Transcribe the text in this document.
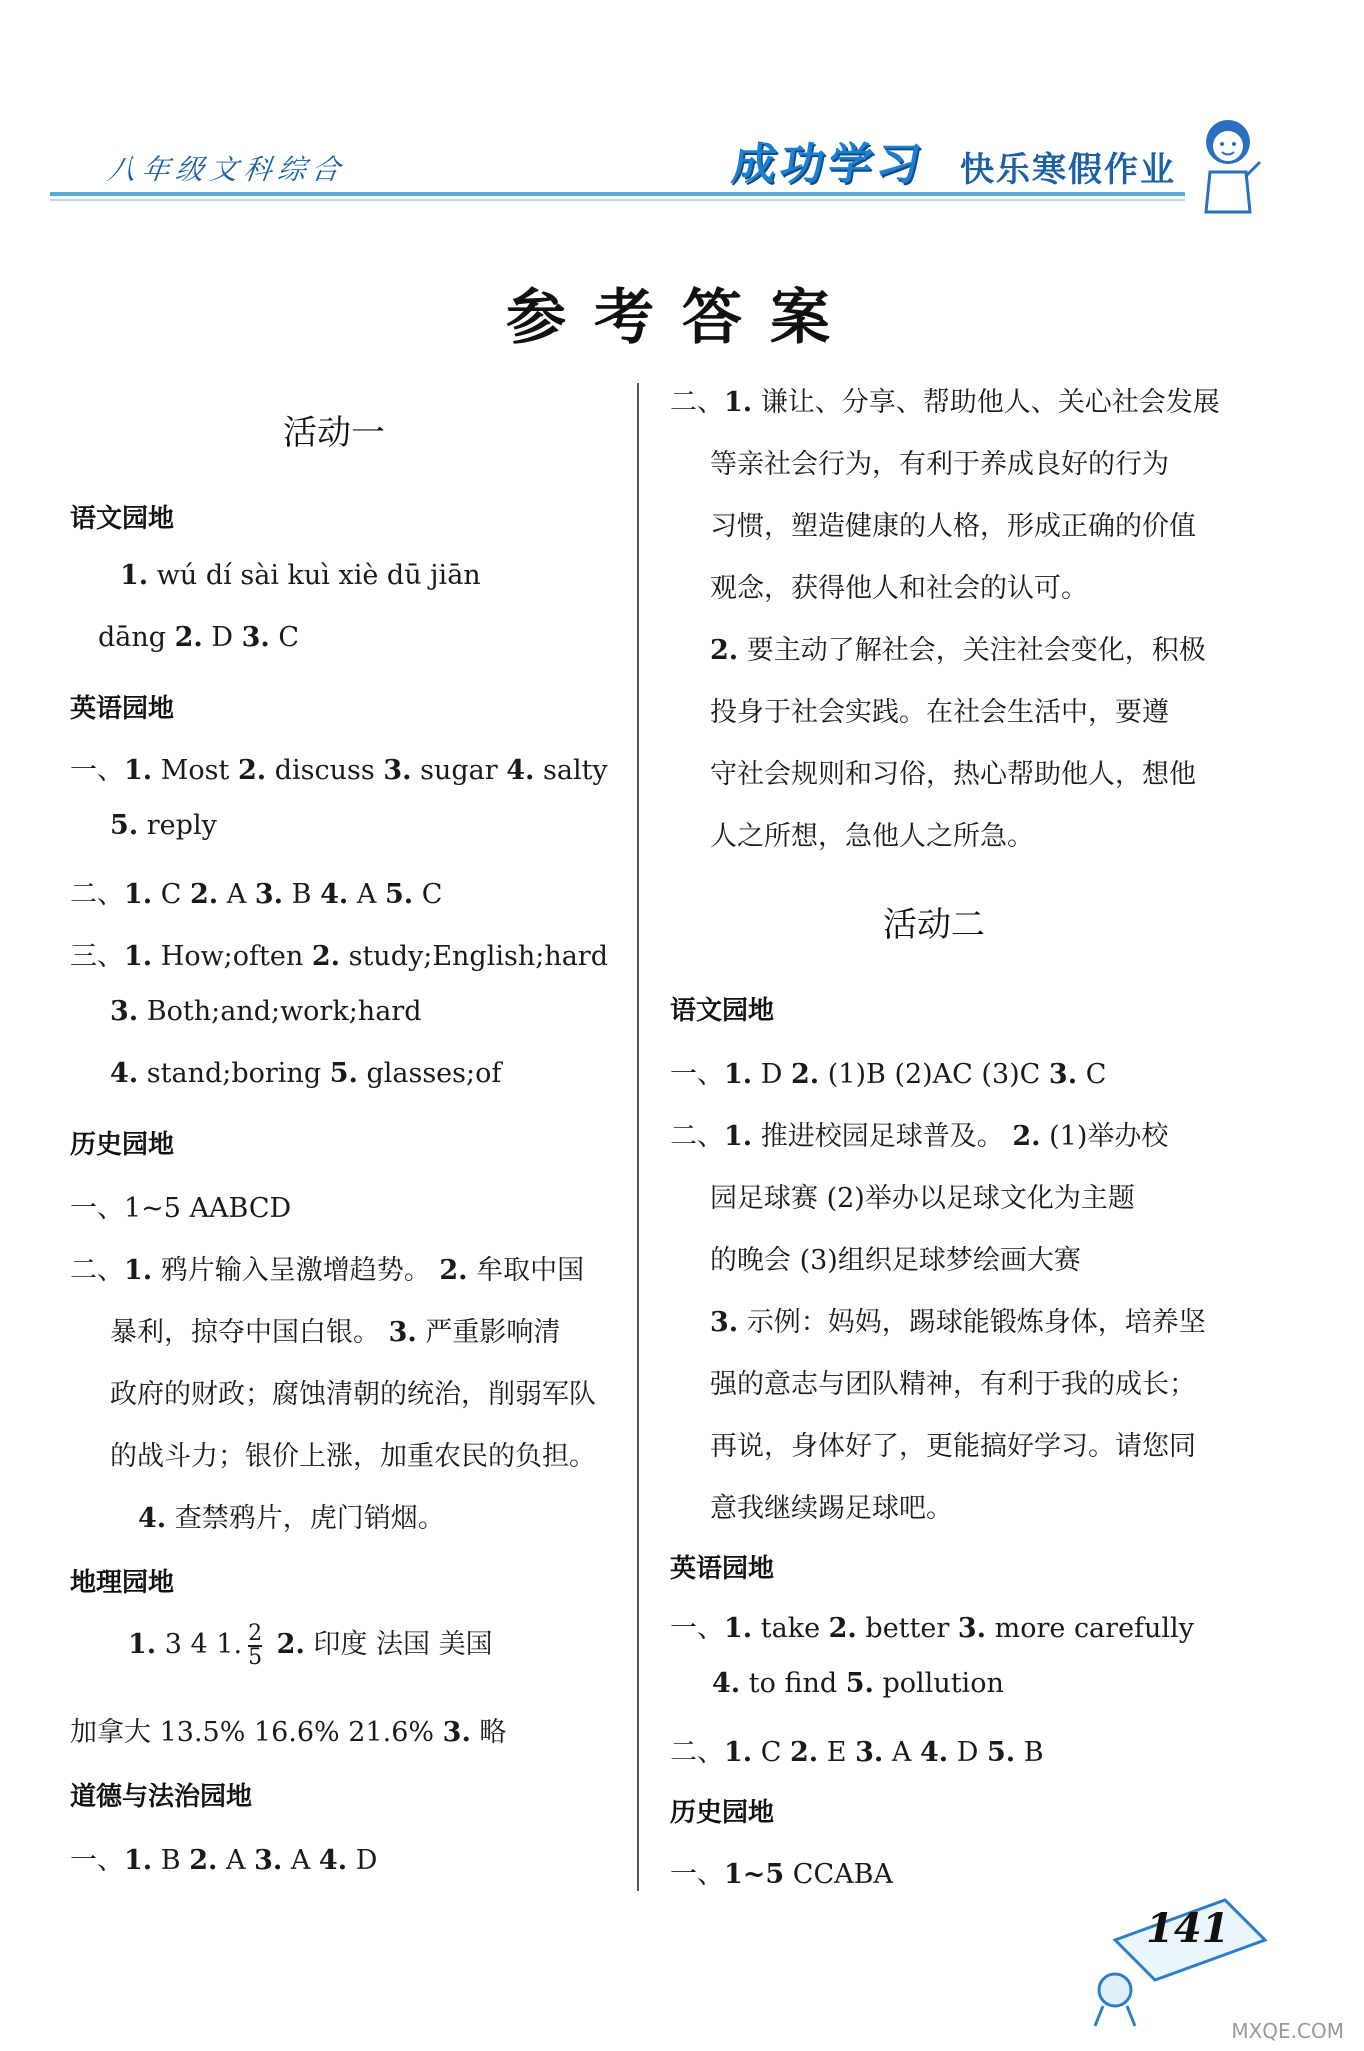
八年级文科综合	成功学习 快乐寒假作业
参考答案
活动一
语文园地
1. wú dí sài kuì xiè dū jiān
dāng 2. D 3. C
英语园地
一、1. Most 2. discuss 3. sugar 4. salty
5. reply
二、1. C 2. A 3. B 4. A 5. C
三、1. How;often 2. study;English;hard
3. Both;and;work;hard
4. stand;boring 5. glasses;of
历史园地
一、1~5 AABCD
二、1. 鸦片输入呈激增趋势。 2. 牟取中国
暴利，掠夺中国白银。 3. 严重影响清
政府的财政；腐蚀清朝的统治，削弱军队
的战斗力；银价上涨，加重农民的负担。
4. 查禁鸦片，虎门销烟。
地理园地
1. 3 4 1. $\frac{2}{5} 2$. 印度 法国 美国
加拿大 13.5% 16.6% 21.6% 3. 略
道德与法治园地
一、1. B 2. A 3. A 4. D
二、1. 谦让、分享、帮助他人、关心社会发展
等亲社会行为，有利于养成良好的行为
习惯，塑造健康的人格，形成正确的价值
观念，获得他人和社会的认可。
2. 要主动了解社会，关注社会变化，积极
投身于社会实践。在社会生活中，要遵
守社会规则和习俗，热心帮助他人，想他
人之所想，急他人之所急。
活动二
语文园地
一、1. D 2. (1)B (2)AC (3)C 3. C
二、1. 推进校园足球普及。 2. (1)举办校
园足球赛 (2)举办以足球文化为主题
的晚会 (3)组织足球梦绘画大赛
3. 示例：妈妈，踢球能锻炼身体，培养坚
强的意志与团队精神，有利于我的成长；
再说，身体好了，更能搞好学习。请您同
意我继续踢足球吧。
英语园地
一、1. take 2. better 3. more carefully
4. to find 5. pollution
二、1. C 2. E 3. A 4. D 5. B
历史园地
一、1~5 CCABA
141
MXQE.COM
